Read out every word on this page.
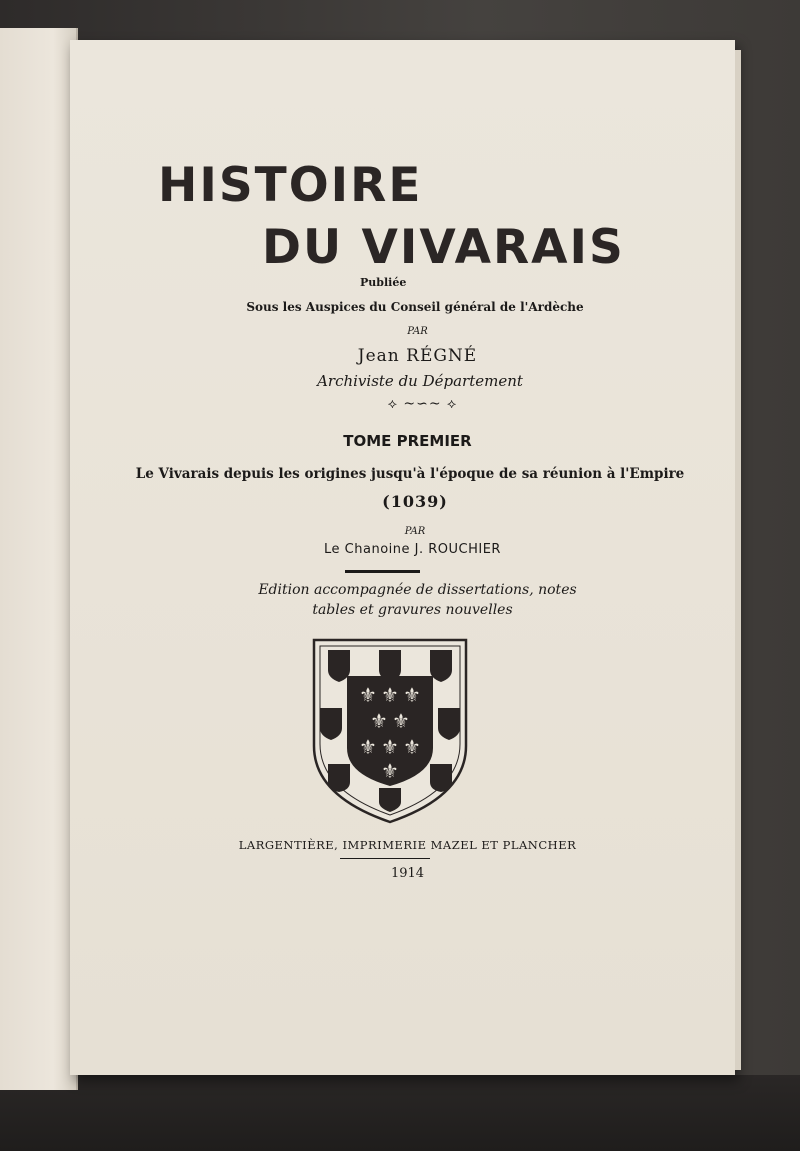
HISTOIRE
DU VIVARAIS
Publiée
Sous les Auspices du Conseil général de l'Ardèche
PAR
Jean RÉGNÉ
Archiviste du Département
⟡ ~∽~ ⟡
TOME PREMIER
Le Vivarais depuis les origines jusqu'à l'époque de sa réunion à l'Empire
(1039)
PAR
Le Chanoine J. ROUCHIER
Edition accompagnée de dissertations, notes
tables et gravures nouvelles
⚜ ⚜ ⚜
⚜ ⚜
⚜ ⚜ ⚜
⚜
LARGENTIÈRE, IMPRIMERIE MAZEL ET PLANCHER
1914
